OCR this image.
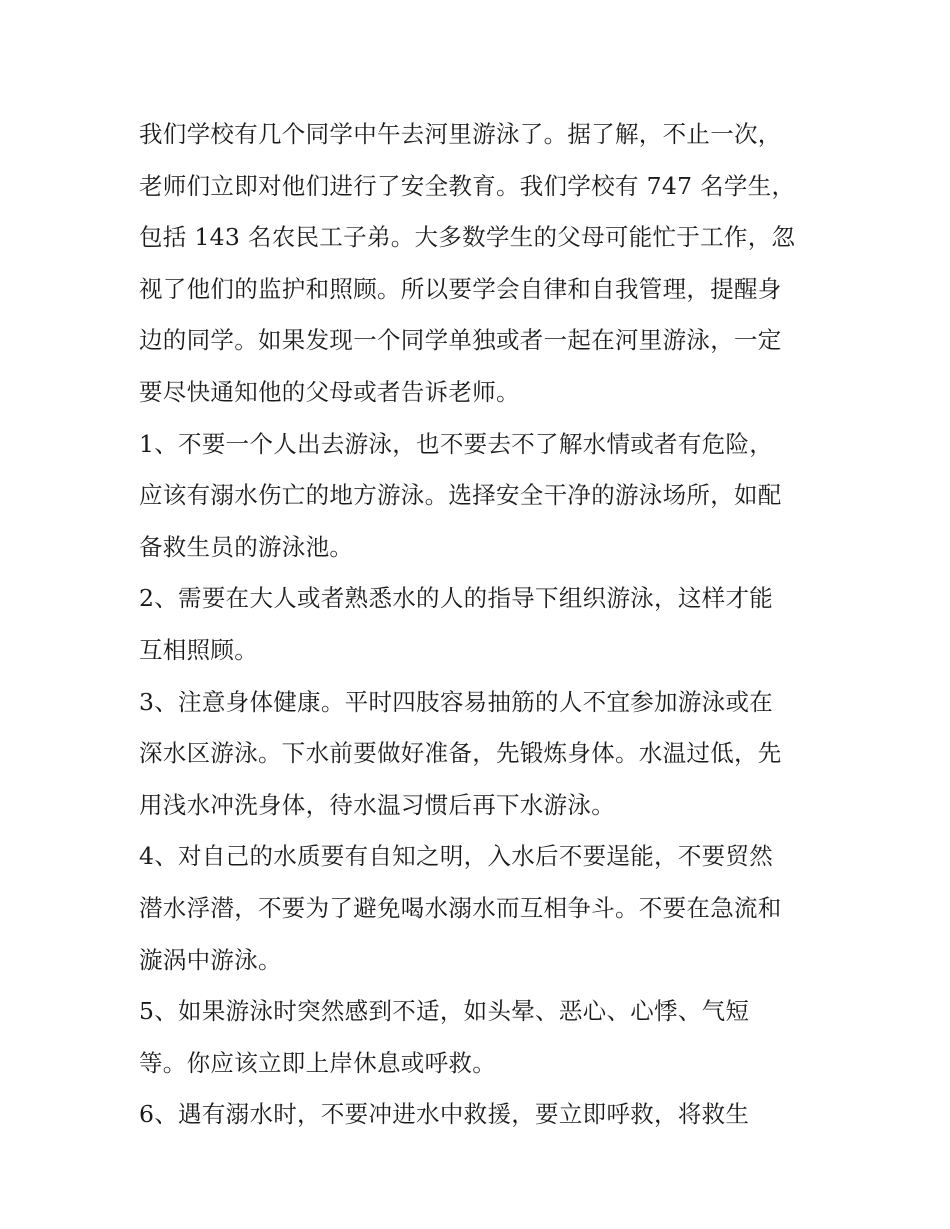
我们学校有几个同学中午去河里游泳了。据了解，不止一次，
老师们立即对他们进行了安全教育。我们学校有 747 名学生，
包括 143 名农民工子弟。大多数学生的父母可能忙于工作，忽
视了他们的监护和照顾。所以要学会自律和自我管理，提醒身
边的同学。如果发现一个同学单独或者一起在河里游泳，一定
要尽快通知他的父母或者告诉老师。
1、不要一个人出去游泳，也不要去不了解水情或者有危险，
应该有溺水伤亡的地方游泳。选择安全干净的游泳场所，如配
备救生员的游泳池。
2、需要在大人或者熟悉水的人的指导下组织游泳，这样才能
互相照顾。
3、注意身体健康。平时四肢容易抽筋的人不宜参加游泳或在
深水区游泳。下水前要做好准备，先锻炼身体。水温过低，先
用浅水冲洗身体，待水温习惯后再下水游泳。
4、对自己的水质要有自知之明，入水后不要逞能，不要贸然
潜水浮潜，不要为了避免喝水溺水而互相争斗。不要在急流和
漩涡中游泳。
5、如果游泳时突然感到不适，如头晕、恶心、心悸、气短
等。你应该立即上岸休息或呼救。
6、遇有溺水时，不要冲进水中救援，要立即呼救，将救生
